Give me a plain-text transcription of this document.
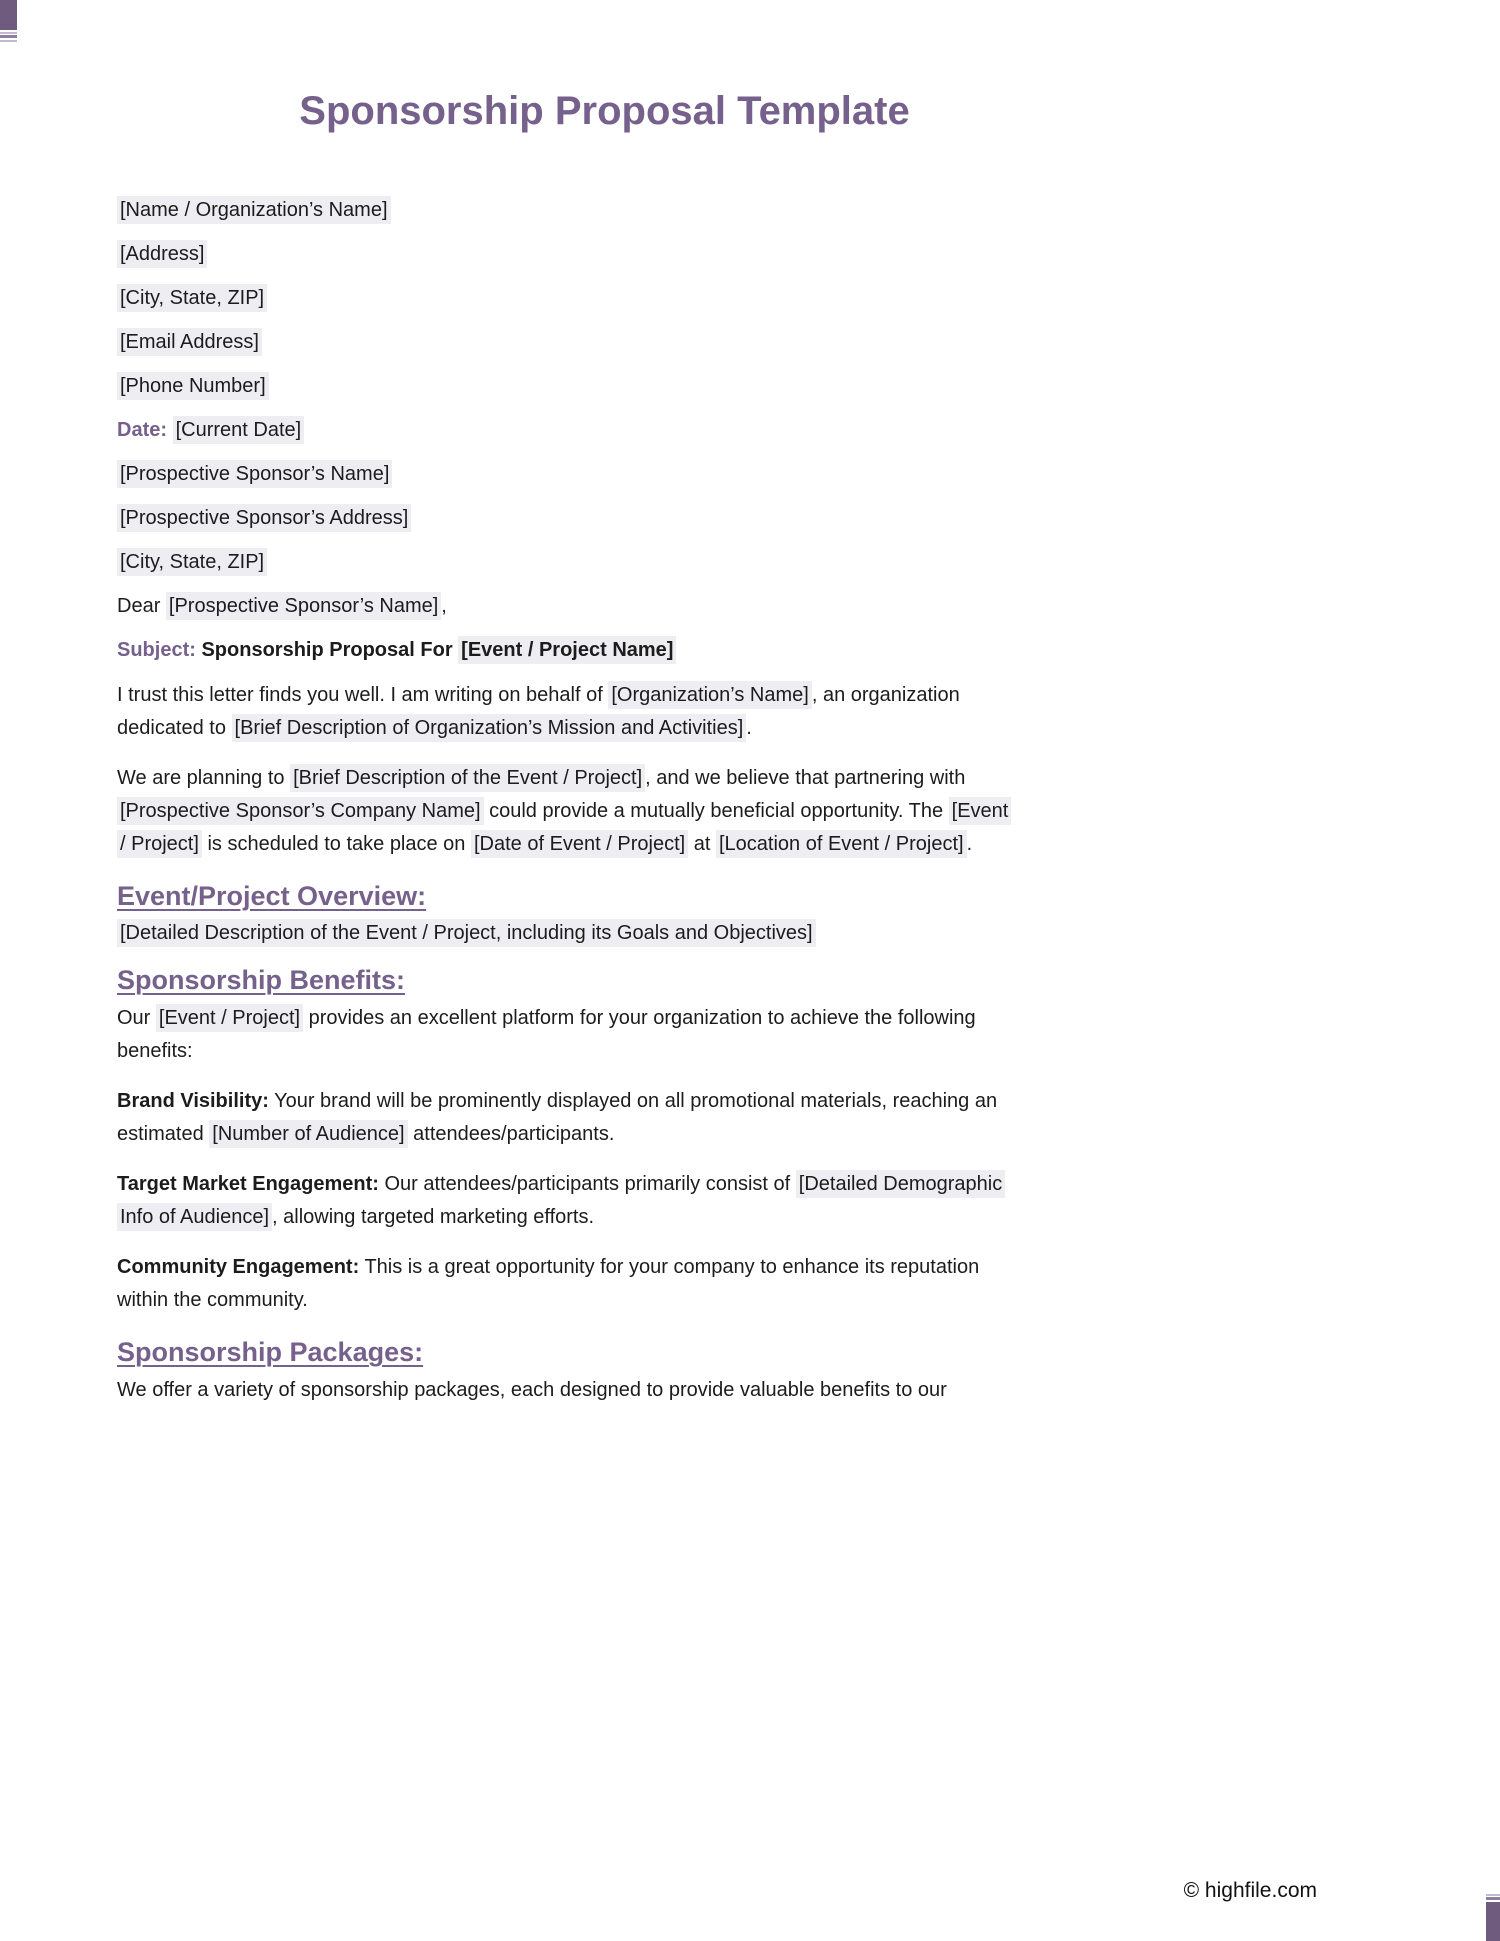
Sponsorship Proposal Template
[Name / Organization’s Name]
[Address]
[City, State, ZIP]
[Email Address]
[Phone Number]
Date: [Current Date]
[Prospective Sponsor’s Name]
[Prospective Sponsor’s Address]
[City, State, ZIP]
Dear [Prospective Sponsor’s Name] ,
Subject: Sponsorship Proposal For [Event / Project Name]
I trust this letter finds you well. I am writing on behalf of [Organization’s Name] , an organization
dedicated to [Brief Description of Organization’s Mission and Activities] .
We are planning to [Brief Description of the Event / Project] , and we believe that partnering with
[Prospective Sponsor’s Company Name] could provide a mutually beneficial opportunity. The [Event
/ Project] is scheduled to take place on [Date of Event / Project] at [Location of Event / Project] .
Event/Project Overview:
[Detailed Description of the Event / Project, including its Goals and Objectives]
Sponsorship Benefits:
Our [Event / Project] provides an excellent platform for your organization to achieve the following
benefits:
Brand Visibility: Your brand will be prominently displayed on all promotional materials, reaching an
estimated [Number of Audience] attendees/participants.
Target Market Engagement: Our attendees/participants primarily consist of [Detailed Demographic
Info of Audience] , allowing targeted marketing efforts.
Community Engagement: This is a great opportunity for your company to enhance its reputation
within the community.
Sponsorship Packages:
We offer a variety of sponsorship packages, each designed to provide valuable benefits to our
© highfile.com
